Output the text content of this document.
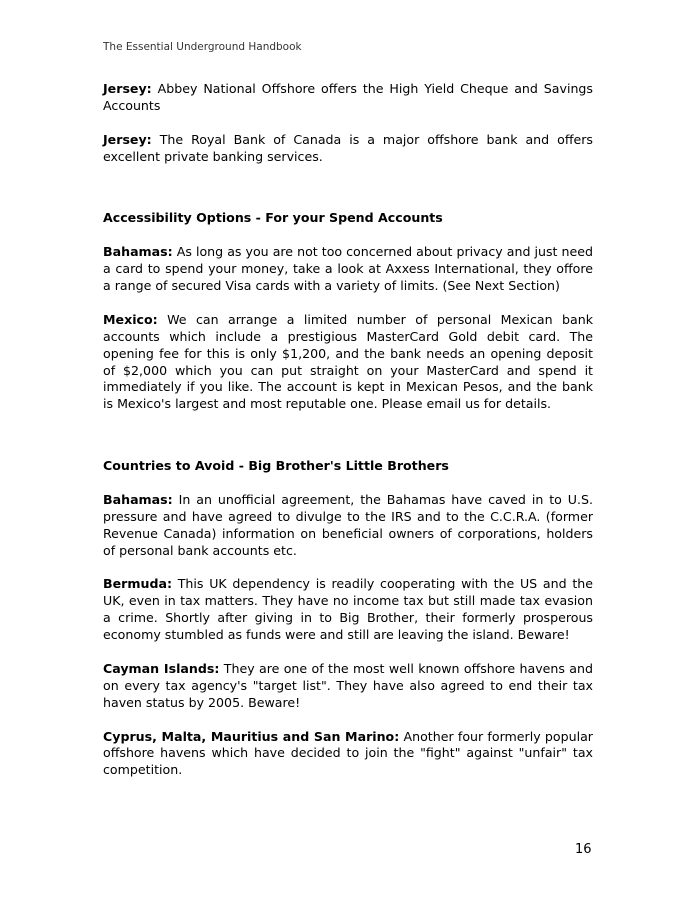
The Essential Underground Handbook

Jersey: Abbey National Offshore offers the High Yield Cheque and Savings Accounts

Jersey: The Royal Bank of Canada is a major offshore bank and offers excellent private banking services.

Accessibility Options - For your Spend Accounts

Bahamas: As long as you are not too concerned about privacy and just need a card to spend your money, take a look at Axxess International, they offore a range of secured Visa cards with a variety of limits. (See Next Section)

Mexico: We can arrange a limited number of personal Mexican bank accounts which include a prestigious MasterCard Gold debit card. The opening fee for this is only $1,200, and the bank needs an opening deposit of $2,000 which you can put straight on your MasterCard and spend it immediately if you like. The account is kept in Mexican Pesos, and the bank is Mexico's largest and most reputable one. Please email us for details.

Countries to Avoid - Big Brother's Little Brothers

Bahamas: In an unofficial agreement, the Bahamas have caved in to U.S. pressure and have agreed to divulge to the IRS and to the C.C.R.A. (former Revenue Canada) information on beneficial owners of corporations, holders of personal bank accounts etc.

Bermuda: This UK dependency is readily cooperating with the US and the UK, even in tax matters. They have no income tax but still made tax evasion a crime. Shortly after giving in to Big Brother, their formerly prosperous economy stumbled as funds were and still are leaving the island. Beware!

Cayman Islands: They are one of the most well known offshore havens and on every tax agency's "target list". They have also agreed to end their tax haven status by 2005. Beware!

Cyprus, Malta, Mauritius and San Marino: Another four formerly popular offshore havens which have decided to join the "fight" against "unfair" tax competition.

16
